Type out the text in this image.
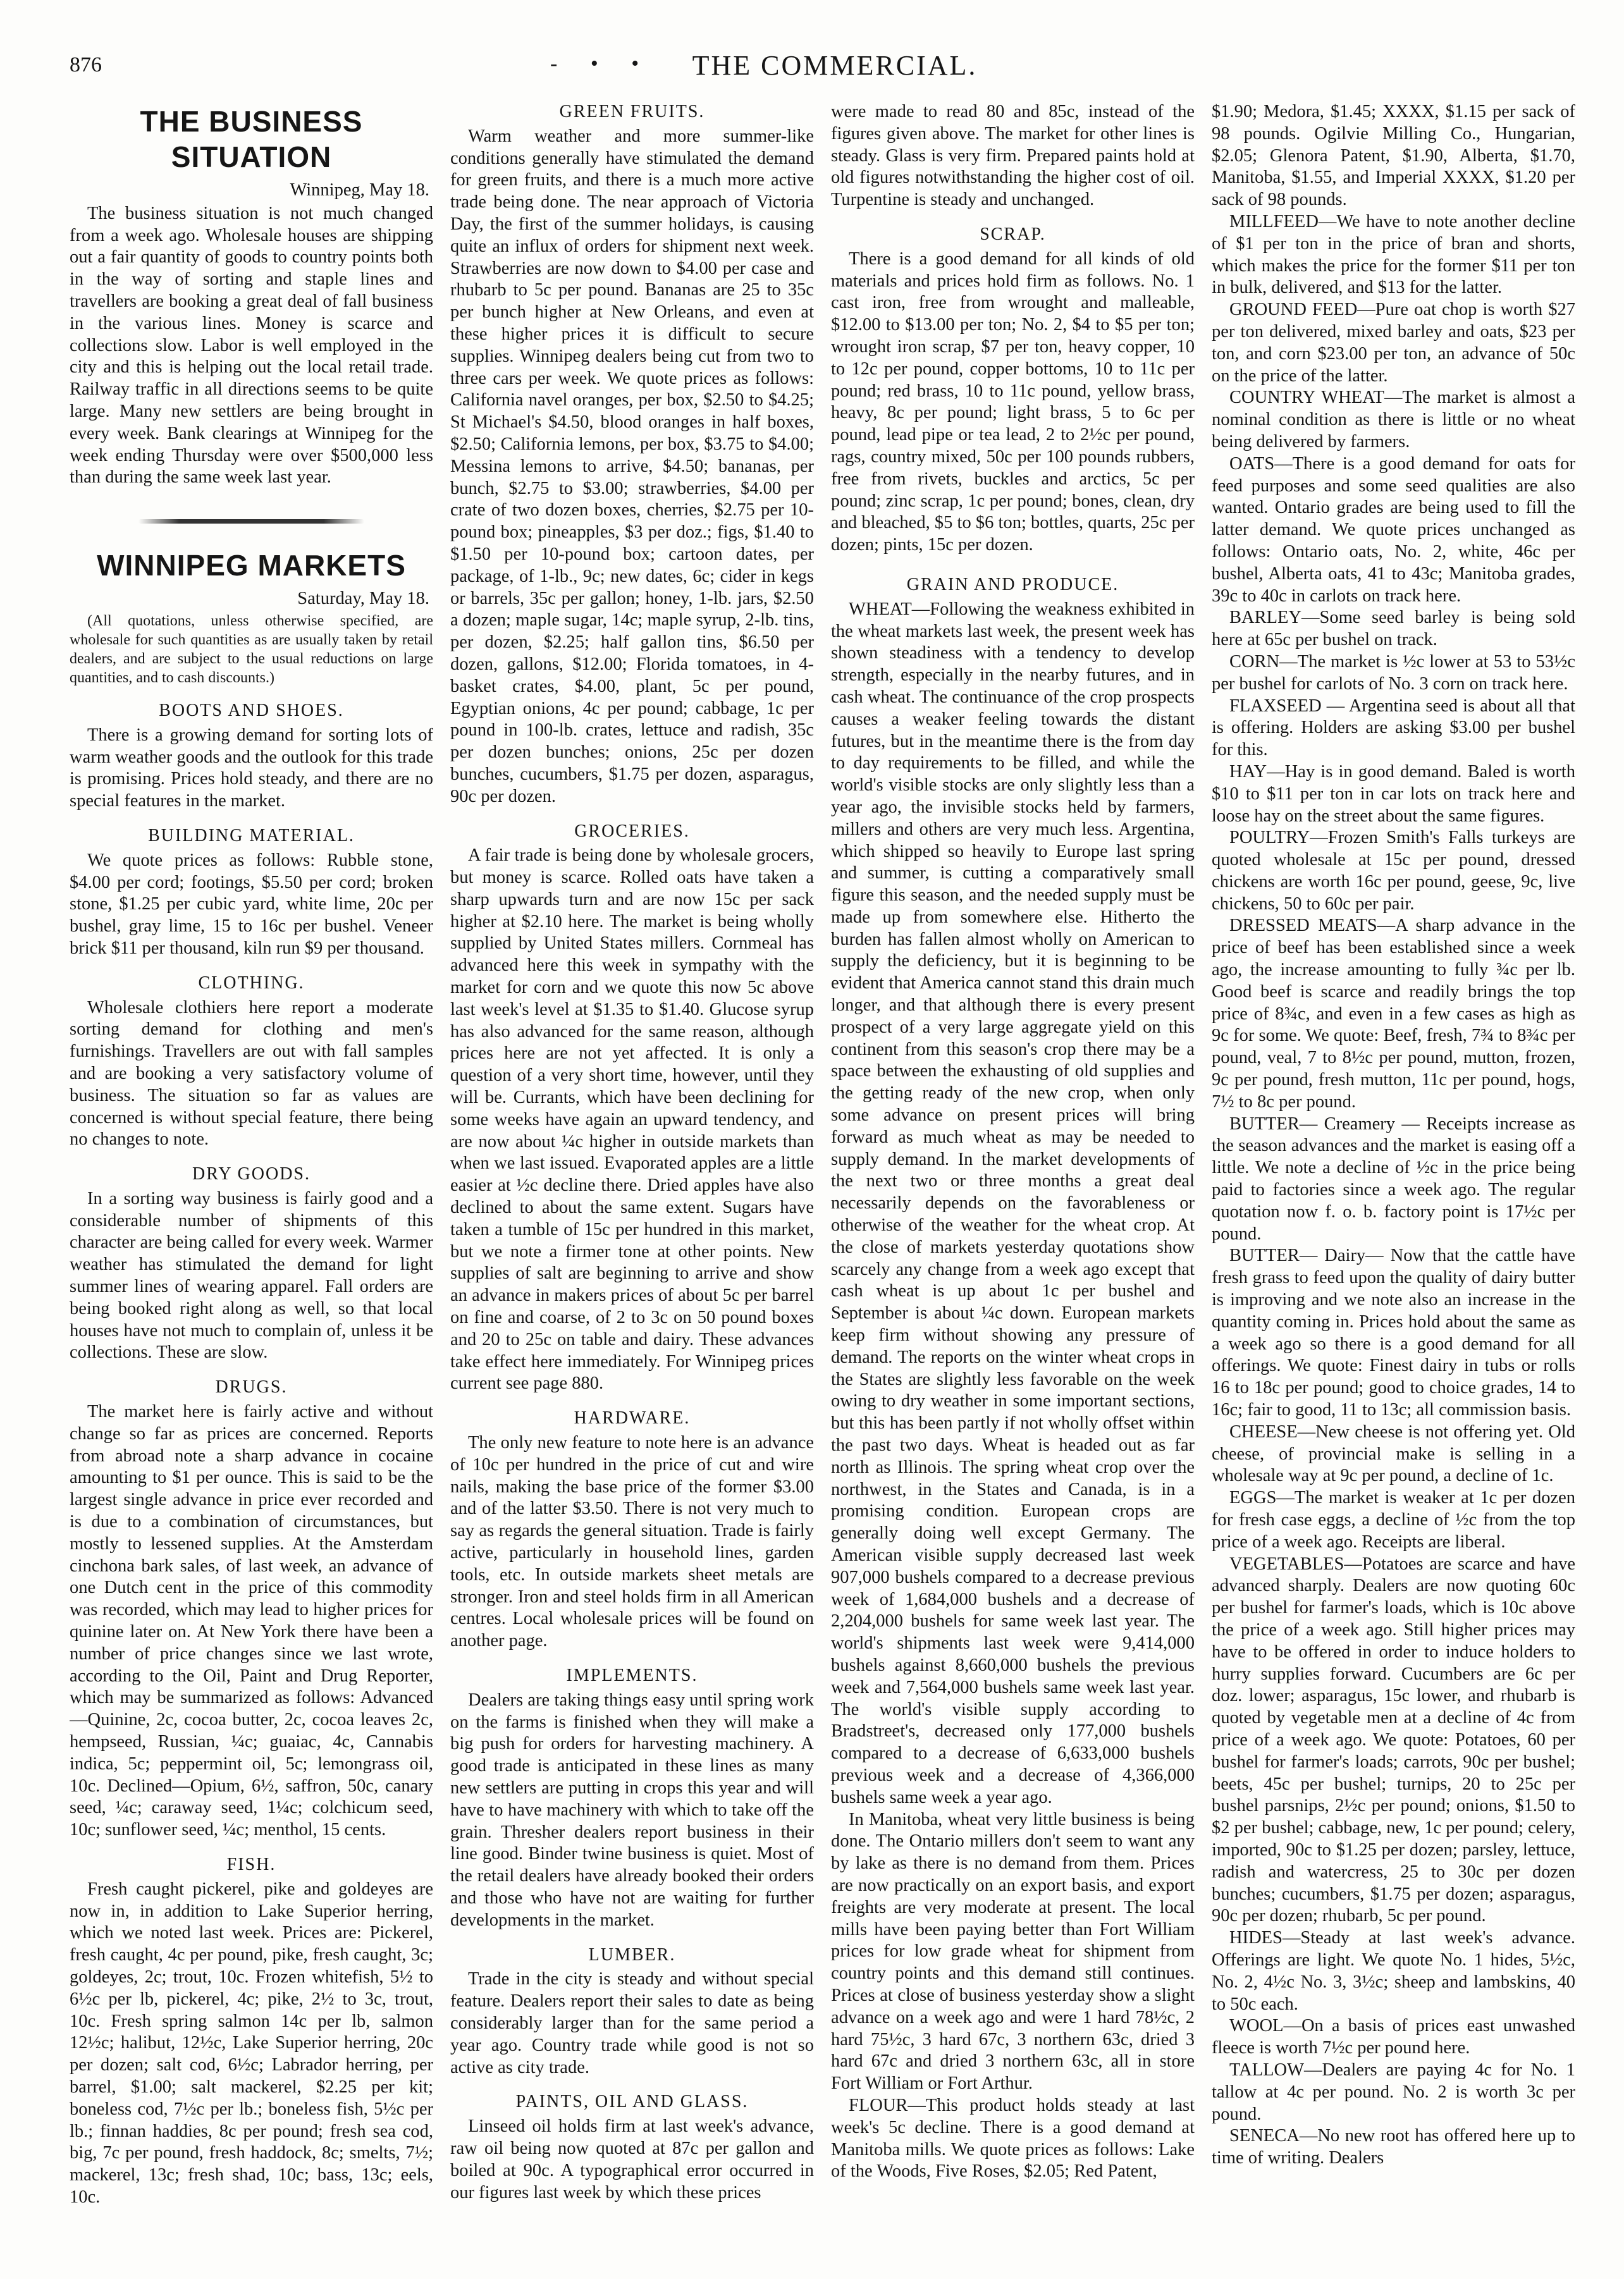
876	- • •	THE COMMERCIAL.
THE BUSINESS SITUATION
Winnipeg, May 18.

The business situation is not much changed from a week ago. Wholesale houses are shipping out a fair quantity of goods to country points both in the way of sorting and staple lines and travellers are booking a great deal of fall business in the various lines. Money is scarce and collections slow. Labor is well employed in the city and this is helping out the local retail trade. Railway traffic in all directions seems to be quite large. Many new settlers are being brought in every week. Bank clearings at Winnipeg for the week ending Thursday were over $500,000 less than during the same week last year.

WINNIPEG MARKETS
Saturday, May 18.

(All quotations, unless otherwise specified, are wholesale for such quantities as are usually taken by retail dealers, and are subject to the usual reductions on large quantities, and to cash discounts.)

BOOTS AND SHOES.

There is a growing demand for sorting lots of warm weather goods and the outlook for this trade is promising. Prices hold steady, and there are no special features in the market.

BUILDING MATERIAL.

We quote prices as follows: Rubble stone, $4.00 per cord; footings, $5.50 per cord; broken stone, $1.25 per cubic yard, white lime, 20c per bushel, gray lime, 15 to 16c per bushel. Veneer brick $11 per thousand, kiln run $9 per thousand.

CLOTHING.

Wholesale clothiers here report a moderate sorting demand for clothing and men's furnishings. Travellers are out with fall samples and are booking a very satisfactory volume of business. The situation so far as values are concerned is without special feature, there being no changes to note.

DRY GOODS.

In a sorting way business is fairly good and a considerable number of shipments of this character are being called for every week. Warmer weather has stimulated the demand for light summer lines of wearing apparel. Fall orders are being booked right along as well, so that local houses have not much to complain of, unless it be collections. These are slow.

DRUGS.

The market here is fairly active and without change so far as prices are concerned. Reports from abroad note a sharp advance in cocaine amounting to $1 per ounce. This is said to be the largest single advance in price ever recorded and is due to a combination of circumstances, but mostly to lessened supplies. At the Amsterdam cinchona bark sales, of last week, an advance of one Dutch cent in the price of this commodity was recorded, which may lead to higher prices for quinine later on. At New York there have been a number of price changes since we last wrote, according to the Oil, Paint and Drug Reporter, which may be summarized as follows: Advanced—Quinine, 2c, cocoa butter, 2c, cocoa leaves 2c, hempseed, Russian, ¼c; guaiac, 4c, Cannabis indica, 5c; peppermint oil, 5c; lemongrass oil, 10c. Declined—Opium, 6½, saffron, 50c, canary seed, ¼c; caraway seed, 1¼c; colchicum seed, 10c; sunflower seed, ¼c; menthol, 15 cents.

FISH.

Fresh caught pickerel, pike and goldeyes are now in, in addition to Lake Superior herring, which we noted last week. Prices are: Pickerel, fresh caught, 4c per pound, pike, fresh caught, 3c; goldeyes, 2c; trout, 10c. Frozen whitefish, 5½ to 6½c per lb, pickerel, 4c; pike, 2½ to 3c, trout, 10c. Fresh spring salmon 14c per lb, salmon 12½c; halibut, 12½c, Lake Superior herring, 20c per dozen; salt cod, 6½c; Labrador herring, per barrel, $1.00; salt mackerel, $2.25 per kit; boneless cod, 7½c per lb.; boneless fish, 5½c per lb.; finnan haddies, 8c per pound; fresh sea cod, big, 7c per pound, fresh haddock, 8c; smelts, 7½; mackerel, 13c; fresh shad, 10c; bass, 13c; eels, 10c.

GREEN FRUITS.

Warm weather and more summer-like conditions generally have stimulated the demand for green fruits, and there is a much more active trade being done. The near approach of Victoria Day, the first of the summer holidays, is causing quite an influx of orders for shipment next week. Strawberries are now down to $4.00 per case and rhubarb to 5c per pound. Bananas are 25 to 35c per bunch higher at New Orleans, and even at these higher prices it is difficult to secure supplies. Winnipeg dealers being cut from two to three cars per week. We quote prices as follows: California navel oranges, per box, $2.50 to $4.25; St Michael's $4.50, blood oranges in half boxes, $2.50; California lemons, per box, $3.75 to $4.00; Messina lemons to arrive, $4.50; bananas, per bunch, $2.75 to $3.00; strawberries, $4.00 per crate of two dozen boxes, cherries, $2.75 per 10-pound box; pineapples, $3 per doz.; figs, $1.40 to $1.50 per 10-pound box; cartoon dates, per package, of 1-lb., 9c; new dates, 6c; cider in kegs or barrels, 35c per gallon; honey, 1-lb. jars, $2.50 a dozen; maple sugar, 14c; maple syrup, 2-lb. tins, per dozen, $2.25; half gallon tins, $6.50 per dozen, gallons, $12.00; Florida tomatoes, in 4-basket crates, $4.00, plant, 5c per pound, Egyptian onions, 4c per pound; cabbage, 1c per pound in 100-lb. crates, lettuce and radish, 35c per dozen bunches; onions, 25c per dozen bunches, cucumbers, $1.75 per dozen, asparagus, 90c per dozen.

GROCERIES.

A fair trade is being done by wholesale grocers, but money is scarce. Rolled oats have taken a sharp upwards turn and are now 15c per sack higher at $2.10 here. The market is being wholly supplied by United States millers. Cornmeal has advanced here this week in sympathy with the market for corn and we quote this now 5c above last week's level at $1.35 to $1.40. Glucose syrup has also advanced for the same reason, although prices here are not yet affected. It is only a question of a very short time, however, until they will be. Currants, which have been declining for some weeks have again an upward tendency, and are now about ¼c higher in outside markets than when we last issued. Evaporated apples are a little easier at ½c decline there. Dried apples have also declined to about the same extent. Sugars have taken a tumble of 15c per hundred in this market, but we note a firmer tone at other points. New supplies of salt are beginning to arrive and show an advance in makers prices of about 5c per barrel on fine and coarse, of 2 to 3c on 50 pound boxes and 20 to 25c on table and dairy. These advances take effect here immediately. For Winnipeg prices current see page 880.

HARDWARE.

The only new feature to note here is an advance of 10c per hundred in the price of cut and wire nails, making the base price of the former $3.00 and of the latter $3.50. There is not very much to say as regards the general situation. Trade is fairly active, particularly in household lines, garden tools, etc. In outside markets sheet metals are stronger. Iron and steel holds firm in all American centres. Local wholesale prices will be found on another page.

IMPLEMENTS.

Dealers are taking things easy until spring work on the farms is finished when they will make a big push for orders for harvesting machinery. A good trade is anticipated in these lines as many new settlers are putting in crops this year and will have to have machinery with which to take off the grain. Thresher dealers report business in their line good. Binder twine business is quiet. Most of the retail dealers have already booked their orders and those who have not are waiting for further developments in the market.

LUMBER.

Trade in the city is steady and without special feature. Dealers report their sales to date as being considerably larger than for the same period a year ago. Country trade while good is not so active as city trade.

PAINTS, OIL AND GLASS.

Linseed oil holds firm at last week's advance, raw oil being now quoted at 87c per gallon and boiled at 90c. A typographical error occurred in our figures last week by which these prices

were made to read 80 and 85c, instead of the figures given above. The market for other lines is steady. Glass is very firm. Prepared paints hold at old figures notwithstanding the higher cost of oil. Turpentine is steady and unchanged.

SCRAP.

There is a good demand for all kinds of old materials and prices hold firm as follows. No. 1 cast iron, free from wrought and malleable, $12.00 to $13.00 per ton; No. 2, $4 to $5 per ton; wrought iron scrap, $7 per ton, heavy copper, 10 to 12c per pound, copper bottoms, 10 to 11c per pound; red brass, 10 to 11c pound, yellow brass, heavy, 8c per pound; light brass, 5 to 6c per pound, lead pipe or tea lead, 2 to 2½c per pound, rags, country mixed, 50c per 100 pounds rubbers, free from rivets, buckles and arctics, 5c per pound; zinc scrap, 1c per pound; bones, clean, dry and bleached, $5 to $6 ton; bottles, quarts, 25c per dozen; pints, 15c per dozen.

GRAIN AND PRODUCE.

WHEAT—Following the weakness exhibited in the wheat markets last week, the present week has shown steadiness with a tendency to develop strength, especially in the nearby futures, and in cash wheat. The continuance of the crop prospects causes a weaker feeling towards the distant futures, but in the meantime there is the from day to day requirements to be filled, and while the world's visible stocks are only slightly less than a year ago, the invisible stocks held by farmers, millers and others are very much less. Argentina, which shipped so heavily to Europe last spring and summer, is cutting a comparatively small figure this season, and the needed supply must be made up from somewhere else. Hitherto the burden has fallen almost wholly on American to supply the deficiency, but it is beginning to be evident that America cannot stand this drain much longer, and that although there is every present prospect of a very large aggregate yield on this continent from this season's crop there may be a space between the exhausting of old supplies and the getting ready of the new crop, when only some advance on present prices will bring forward as much wheat as may be needed to supply demand. In the market developments of the next two or three months a great deal necessarily depends on the favorableness or otherwise of the weather for the wheat crop. At the close of markets yesterday quotations show scarcely any change from a week ago except that cash wheat is up about 1c per bushel and September is about ¼c down. European markets keep firm without showing any pressure of demand. The reports on the winter wheat crops in the States are slightly less favorable on the week owing to dry weather in some important sections, but this has been partly if not wholly offset within the past two days. Wheat is headed out as far north as Illinois. The spring wheat crop over the northwest, in the States and Canada, is in a promising condition. European crops are generally doing well except Germany. The American visible supply decreased last week 907,000 bushels compared to a decrease previous week of 1,684,000 bushels and a decrease of 2,204,000 bushels for same week last year. The world's shipments last week were 9,414,000 bushels against 8,660,000 bushels the previous week and 7,564,000 bushels same week last year. The world's visible supply according to Bradstreet's, decreased only 177,000 bushels compared to a decrease of 6,633,000 bushels previous week and a decrease of 4,366,000 bushels same week a year ago.

In Manitoba, wheat very little business is being done. The Ontario millers don't seem to want any by lake as there is no demand from them. Prices are now practically on an export basis, and export freights are very moderate at present. The local mills have been paying better than Fort William prices for low grade wheat for shipment from country points and this demand still continues. Prices at close of business yesterday show a slight advance on a week ago and were 1 hard 78½c, 2 hard 75½c, 3 hard 67c, 3 northern 63c, dried 3 hard 67c and dried 3 northern 63c, all in store Fort William or Fort Arthur.

FLOUR—This product holds steady at last week's 5c decline. There is a good demand at Manitoba mills. We quote prices as follows: Lake of the Woods, Five Roses, $2.05; Red Patent,

$1.90; Medora, $1.45; XXXX, $1.15 per sack of 98 pounds. Ogilvie Milling Co., Hungarian, $2.05; Glenora Patent, $1.90, Alberta, $1.70, Manitoba, $1.55, and Imperial XXXX, $1.20 per sack of 98 pounds.

MILLFEED—We have to note another decline of $1 per ton in the price of bran and shorts, which makes the price for the former $11 per ton in bulk, delivered, and $13 for the latter.

GROUND FEED—Pure oat chop is worth $27 per ton delivered, mixed barley and oats, $23 per ton, and corn $23.00 per ton, an advance of 50c on the price of the latter.

COUNTRY WHEAT—The market is almost a nominal condition as there is little or no wheat being delivered by farmers.

OATS—There is a good demand for oats for feed purposes and some seed qualities are also wanted. Ontario grades are being used to fill the latter demand. We quote prices unchanged as follows: Ontario oats, No. 2, white, 46c per bushel, Alberta oats, 41 to 43c; Manitoba grades, 39c to 40c in carlots on track here.

BARLEY—Some seed barley is being sold here at 65c per bushel on track.

CORN—The market is ½c lower at 53 to 53½c per bushel for carlots of No. 3 corn on track here.

FLAXSEED — Argentina seed is about all that is offering. Holders are asking $3.00 per bushel for this.

HAY—Hay is in good demand. Baled is worth $10 to $11 per ton in car lots on track here and loose hay on the street about the same figures.

POULTRY—Frozen Smith's Falls turkeys are quoted wholesale at 15c per pound, dressed chickens are worth 16c per pound, geese, 9c, live chickens, 50 to 60c per pair.

DRESSED MEATS—A sharp advance in the price of beef has been established since a week ago, the increase amounting to fully ¾c per lb. Good beef is scarce and readily brings the top price of 8¾c, and even in a few cases as high as 9c for some. We quote: Beef, fresh, 7¾ to 8¾c per pound, veal, 7 to 8½c per pound, mutton, frozen, 9c per pound, fresh mutton, 11c per pound, hogs, 7½ to 8c per pound.

BUTTER— Creamery — Receipts increase as the season advances and the market is easing off a little. We note a decline of ½c in the price being paid to factories since a week ago. The regular quotation now f. o. b. factory point is 17½c per pound.

BUTTER— Dairy— Now that the cattle have fresh grass to feed upon the quality of dairy butter is improving and we note also an increase in the quantity coming in. Prices hold about the same as a week ago so there is a good demand for all offerings. We quote: Finest dairy in tubs or rolls 16 to 18c per pound; good to choice grades, 14 to 16c; fair to good, 11 to 13c; all commission basis.

CHEESE—New cheese is not offering yet. Old cheese, of provincial make is selling in a wholesale way at 9c per pound, a decline of 1c.

EGGS—The market is weaker at 1c per dozen for fresh case eggs, a decline of ½c from the top price of a week ago. Receipts are liberal.

VEGETABLES—Potatoes are scarce and have advanced sharply. Dealers are now quoting 60c per bushel for farmer's loads, which is 10c above the price of a week ago. Still higher prices may have to be offered in order to induce holders to hurry supplies forward. Cucumbers are 6c per doz. lower; asparagus, 15c lower, and rhubarb is quoted by vegetable men at a decline of 4c from price of a week ago. We quote: Potatoes, 60 per bushel for farmer's loads; carrots, 90c per bushel; beets, 45c per bushel; turnips, 20 to 25c per bushel parsnips, 2½c per pound; onions, $1.50 to $2 per bushel; cabbage, new, 1c per pound; celery, imported, 90c to $1.25 per dozen; parsley, lettuce, radish and watercress, 25 to 30c per dozen bunches; cucumbers, $1.75 per dozen; asparagus, 90c per dozen; rhubarb, 5c per pound.

HIDES—Steady at last week's advance. Offerings are light. We quote No. 1 hides, 5½c, No. 2, 4½c No. 3, 3½c; sheep and lambskins, 40 to 50c each.

WOOL—On a basis of prices east unwashed fleece is worth 7½c per pound here.

TALLOW—Dealers are paying 4c for No. 1 tallow at 4c per pound. No. 2 is worth 3c per pound.

SENECA—No new root has offered here up to time of writing. Dealers
